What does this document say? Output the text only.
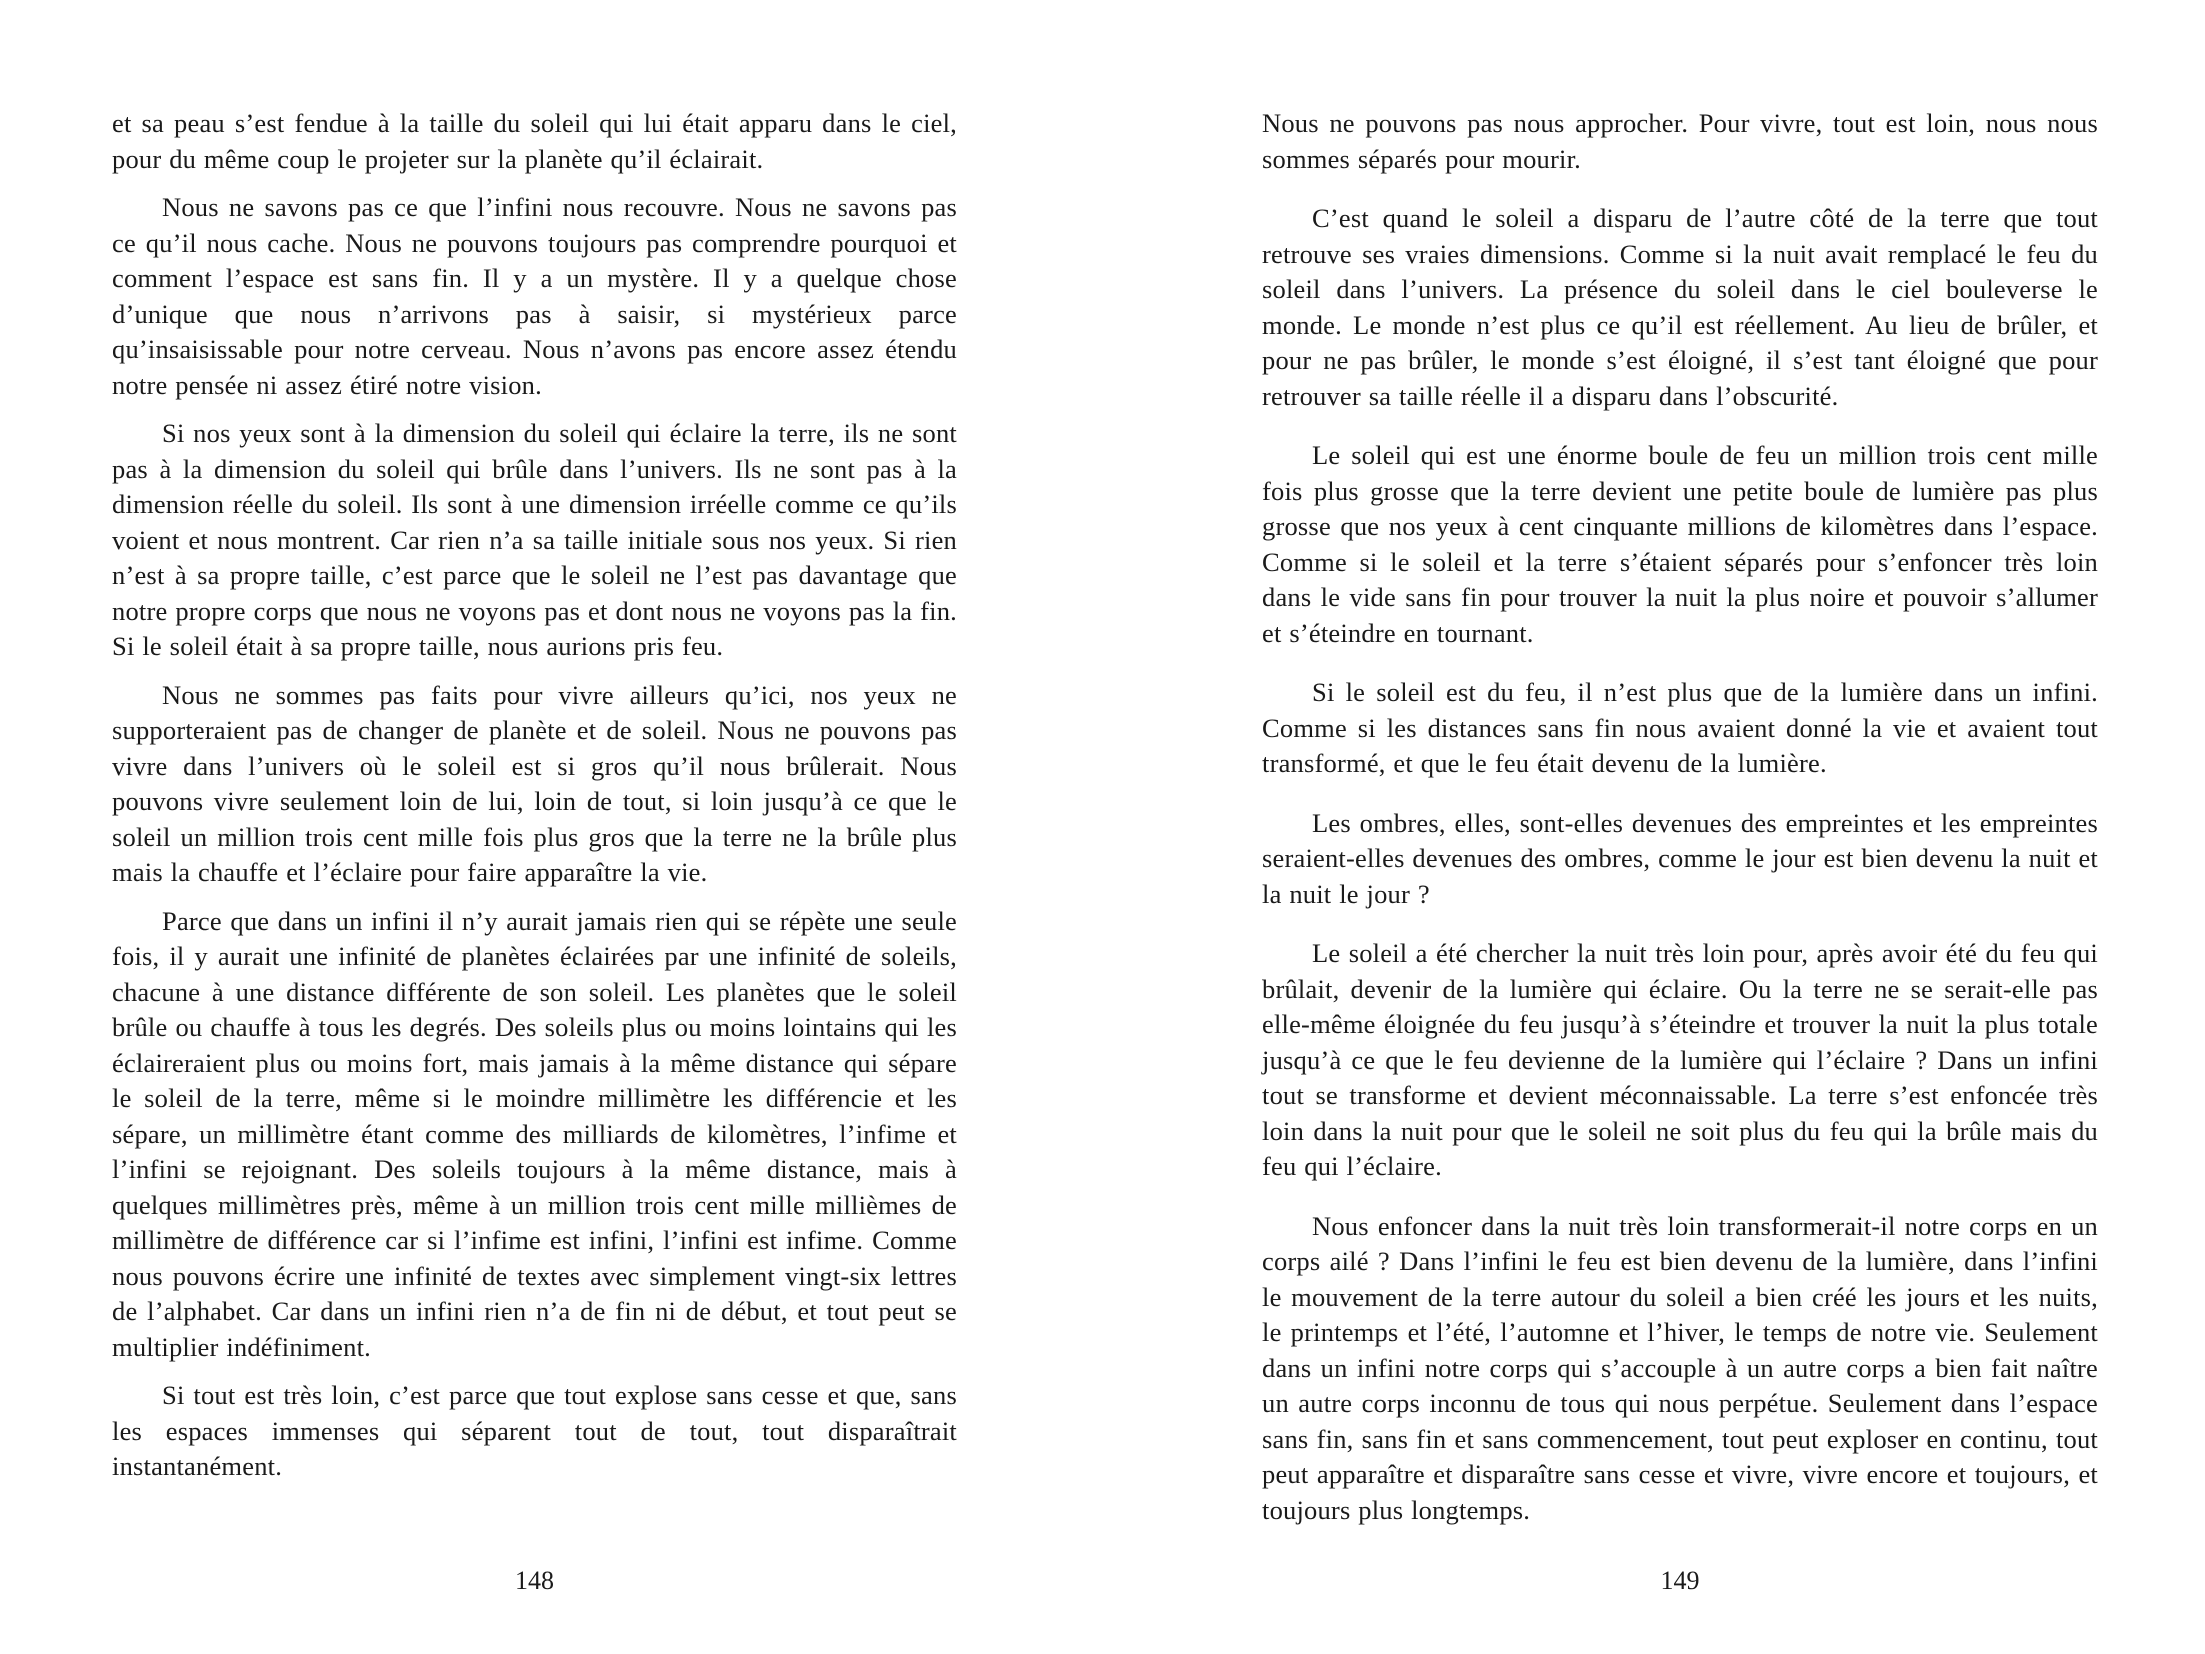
et sa peau s’est fendue à la taille du soleil qui lui était apparu dans le ciel, pour du même coup le projeter sur la planète qu’il éclairait.

Nous ne savons pas ce que l’infini nous recouvre. Nous ne savons pas ce qu’il nous cache. Nous ne pouvons toujours pas comprendre pourquoi et comment l’espace est sans fin. Il y a un mystère. Il y a quelque chose d’unique que nous n’arrivons pas à saisir, si mystérieux parce qu’insaisissable pour notre cerveau. Nous n’avons pas encore assez étendu notre pensée ni assez étiré notre vision.

Si nos yeux sont à la dimension du soleil qui éclaire la terre, ils ne sont pas à la dimension du soleil qui brûle dans l’univers. Ils ne sont pas à la dimension réelle du soleil. Ils sont à une dimension irréelle comme ce qu’ils voient et nous montrent. Car rien n’a sa taille initiale sous nos yeux. Si rien n’est à sa propre taille, c’est parce que le soleil ne l’est pas davantage que notre propre corps que nous ne voyons pas et dont nous ne voyons pas la fin. Si le soleil était à sa propre taille, nous aurions pris feu.

Nous ne sommes pas faits pour vivre ailleurs qu’ici, nos yeux ne supporteraient pas de changer de planète et de soleil. Nous ne pouvons pas vivre dans l’univers où le soleil est si gros qu’il nous brûlerait. Nous pouvons vivre seulement loin de lui, loin de tout, si loin jusqu’à ce que le soleil un million trois cent mille fois plus gros que la terre ne la brûle plus mais la chauffe et l’éclaire pour faire apparaître la vie.

Parce que dans un infini il n’y aurait jamais rien qui se répète une seule fois, il y aurait une infinité de planètes éclairées par une infinité de soleils, chacune à une distance différente de son soleil. Les planètes que le soleil brûle ou chauffe à tous les degrés. Des soleils plus ou moins lointains qui les éclaireraient plus ou moins fort, mais jamais à la même distance qui sépare le soleil de la terre, même si le moindre millimètre les différencie et les sépare, un millimètre étant comme des milliards de kilomètres, l’infime et l’infini se rejoignant. Des soleils toujours à la même distance, mais à quelques millimètres près, même à un million trois cent mille millièmes de millimètre de différence car si l’infime est infini, l’infini est infime. Comme nous pouvons écrire une infinité de textes avec simplement vingt-six lettres de l’alphabet. Car dans un infini rien n’a de fin ni de début, et tout peut se multiplier indéfiniment.

Si tout est très loin, c’est parce que tout explose sans cesse et que, sans les espaces immenses qui séparent tout de tout, tout disparaîtrait instantanément.

148

Nous ne pouvons pas nous approcher. Pour vivre, tout est loin, nous nous sommes séparés pour mourir.

C’est quand le soleil a disparu de l’autre côté de la terre que tout retrouve ses vraies dimensions. Comme si la nuit avait remplacé le feu du soleil dans l’univers. La présence du soleil dans le ciel bouleverse le monde. Le monde n’est plus ce qu’il est réellement. Au lieu de brûler, et pour ne pas brûler, le monde s’est éloigné, il s’est tant éloigné que pour retrouver sa taille réelle il a disparu dans l’obscurité.

Le soleil qui est une énorme boule de feu un million trois cent mille fois plus grosse que la terre devient une petite boule de lumière pas plus grosse que nos yeux à cent cinquante millions de kilomètres dans l’espace. Comme si le soleil et la terre s’étaient séparés pour s’enfoncer très loin dans le vide sans fin pour trouver la nuit la plus noire et pouvoir s’allumer et s’éteindre en tournant.

Si le soleil est du feu, il n’est plus que de la lumière dans un infini. Comme si les distances sans fin nous avaient donné la vie et avaient tout transformé, et que le feu était devenu de la lumière.

Les ombres, elles, sont-elles devenues des empreintes et les empreintes seraient-elles devenues des ombres, comme le jour est bien devenu la nuit et la nuit le jour ?

Le soleil a été chercher la nuit très loin pour, après avoir été du feu qui brûlait, devenir de la lumière qui éclaire. Ou la terre ne se serait-elle pas elle-même éloignée du feu jusqu’à s’éteindre et trouver la nuit la plus totale jusqu’à ce que le feu devienne de la lumière qui l’éclaire ? Dans un infini tout se transforme et devient méconnaissable. La terre s’est enfoncée très loin dans la nuit pour que le soleil ne soit plus du feu qui la brûle mais du feu qui l’éclaire.

Nous enfoncer dans la nuit très loin transformerait-il notre corps en un corps ailé ? Dans l’infini le feu est bien devenu de la lumière, dans l’infini le mouvement de la terre autour du soleil a bien créé les jours et les nuits, le printemps et l’été, l’automne et l’hiver, le temps de notre vie. Seulement dans un infini notre corps qui s’accouple à un autre corps a bien fait naître un autre corps inconnu de tous qui nous perpétue. Seulement dans l’espace sans fin, sans fin et sans commencement, tout peut exploser en continu, tout peut apparaître et disparaître sans cesse et vivre, vivre encore et toujours, et toujours plus longtemps.

149
